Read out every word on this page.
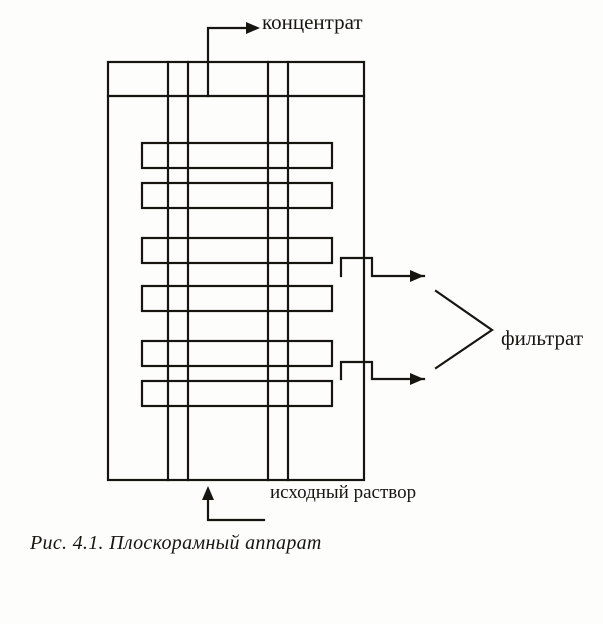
концентрат
фильтрат
исходный раствор
Рис. 4.1. Плоскорамный аппарат
